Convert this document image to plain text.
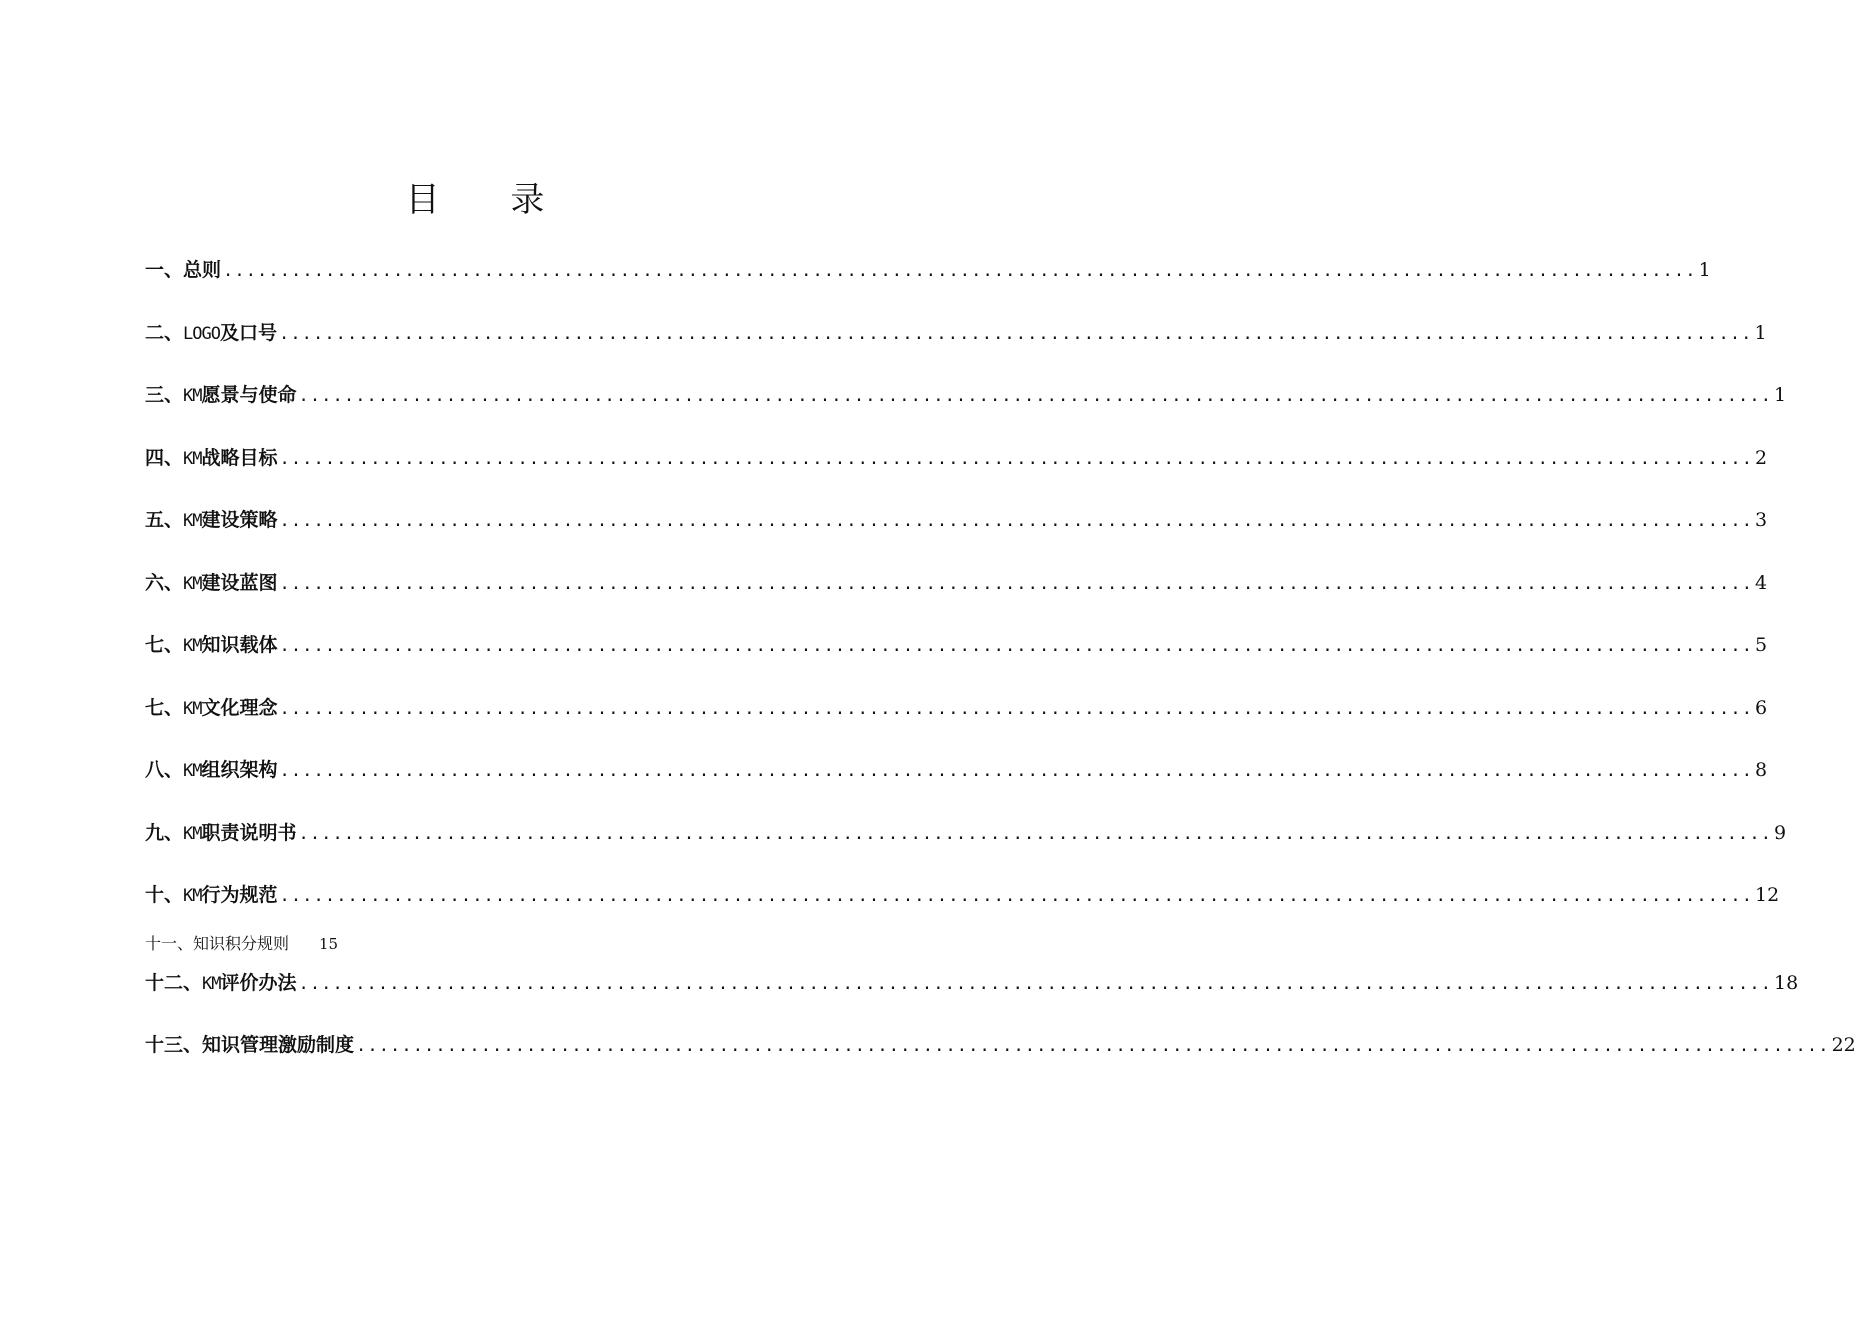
目 录
一、总则 .................................................................................................................................. 1
二、LOGO及口号 .................................................................................................................................. 1
三、KM愿景与使命 .................................................................................................................................. 1
四、KM战略目标 .................................................................................................................................. 2
五、KM建设策略 .................................................................................................................................. 3
六、KM建设蓝图 .................................................................................................................................. 4
七、KM知识载体 .................................................................................................................................. 5
七、KM文化理念 .................................................................................................................................. 6
八、KM组织架构 .................................................................................................................................. 8
九、KM职责说明书 .................................................................................................................................. 9
十、KM行为规范 .................................................................................................................................. 12
十一、知识积分规则 15
十二、KM评价办法 .................................................................................................................................. 18
十三、知识管理激励制度 .................................................................................................................................. 22
